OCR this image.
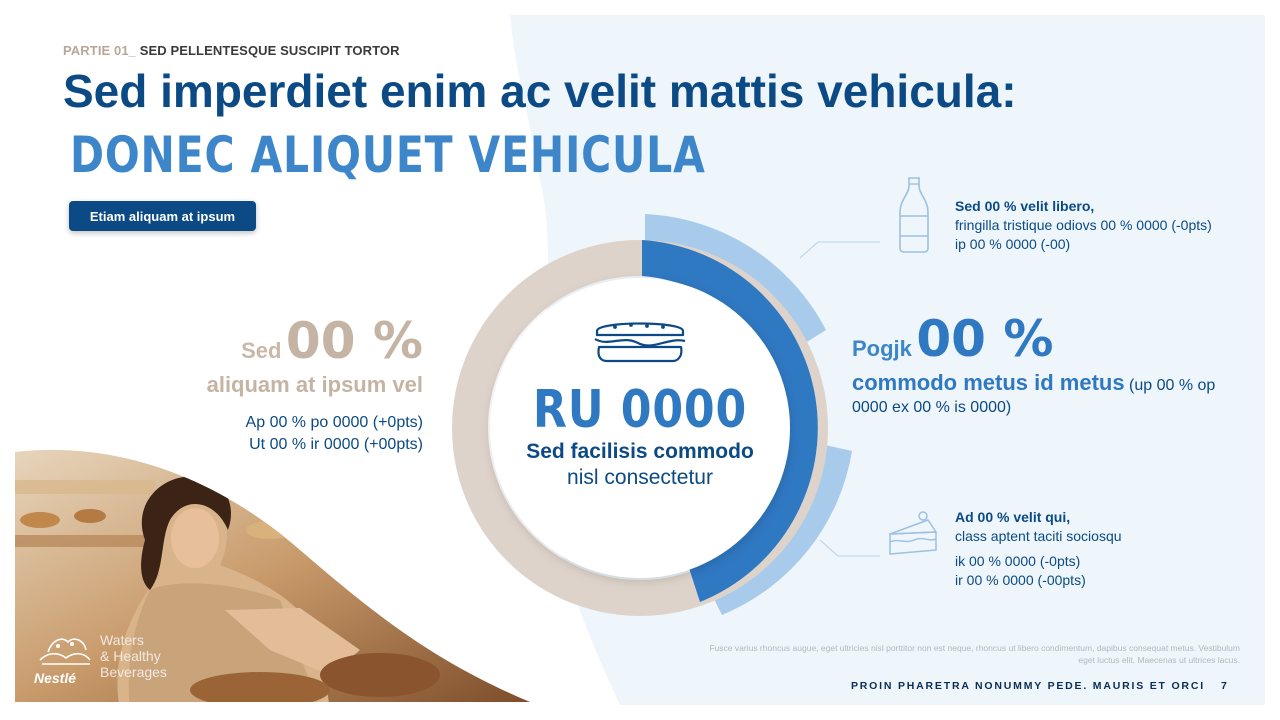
PARTIE 01_ SED PELLENTESQUE SUSCIPIT TORTOR
Sed imperdiet enim ac velit mattis vehicula:
DONEC ALIQUET VEHICULA
Etiam aliquam at ipsum
RU 0000
Sed facilisis commodo
nisl consectetur
Sed 00 %
aliquam at ipsum vel
Ap 00 % po 0000 (+0pts)
Ut 00 % ir 0000 (+00pts)
Pogjk 00 %
commodo metus id metus (up 00 % op 0000 ex 00 % is 0000)
Sed 00 % velit libero,
fringilla tristique odiovs 00 % 0000 (-0pts)
ip 00 % 0000 (-00)
Ad 00 % velit qui,
class aptent taciti sociosqu
ik 00 % 0000 (-0pts)
ir 00 % 0000 (-00pts)
Nestlé
Waters
& Healthy
Beverages
Fusce varius rhoncus augue, eget ultricies nisl porttitor non est neque, rhoncus ut libero condimentum, dapibus consequat metus. Vestibulum eget luctus elit. Maecenas ut ultrices lacus.
PROIN PHARETRA NONUMMY PEDE. MAURIS ET ORCI 7
